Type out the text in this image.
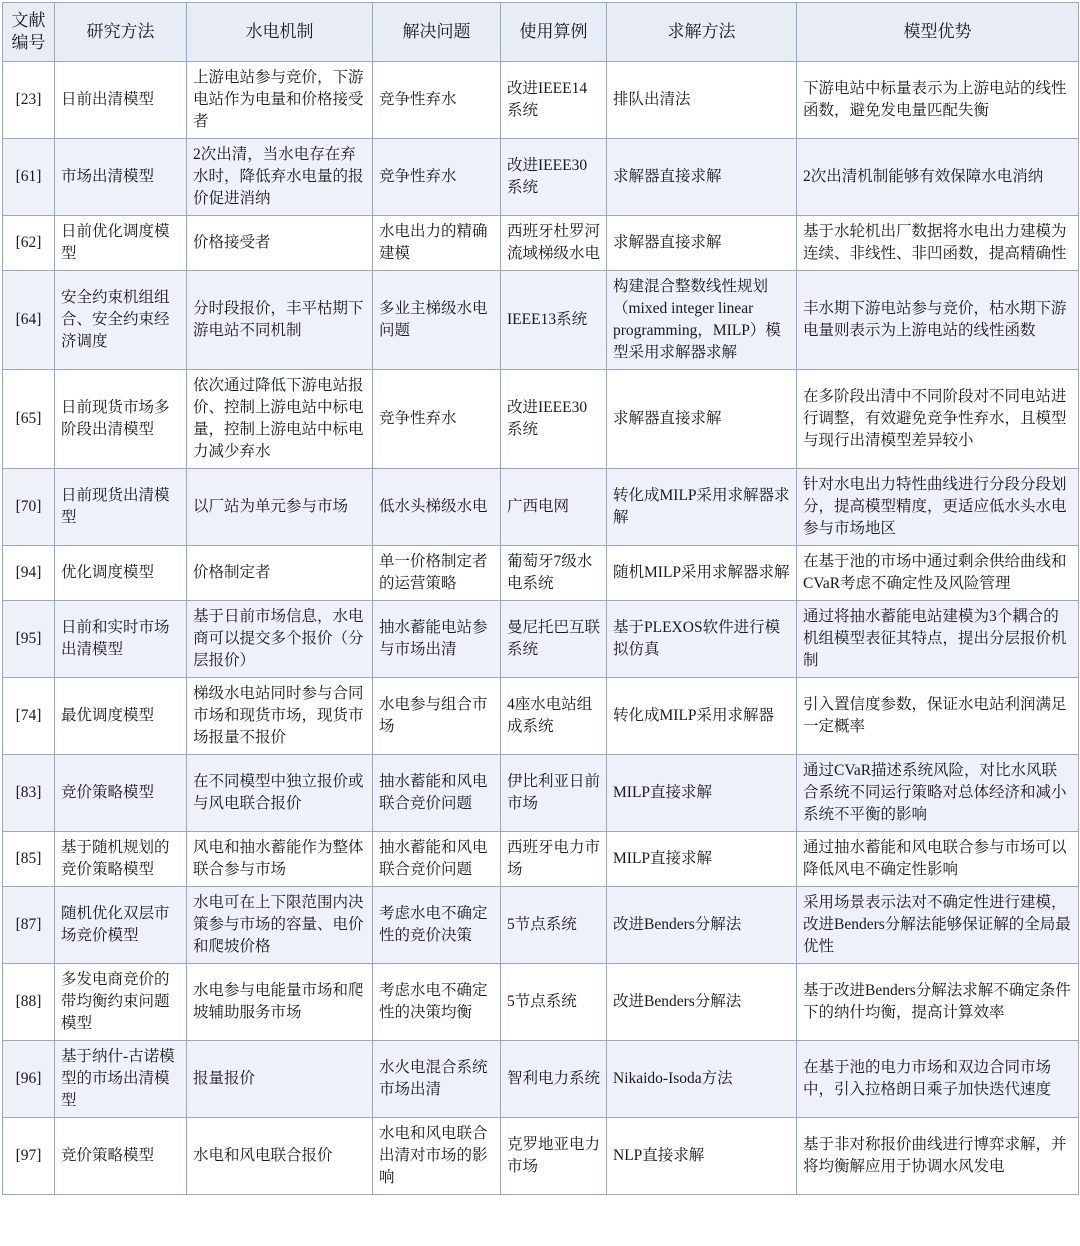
文献编号	研究方法	水电机制	解决问题	使用算例	求解方法	模型优势
[23]	日前出清模型	上游电站参与竞价，下游电站作为电量和价格接受者	竞争性弃水	改进IEEE14系统	排队出清法	下游电站中标量表示为上游电站的线性函数，避免发电量匹配失衡
[61]	市场出清模型	2次出清，当水电存在弃水时，降低弃水电量的报价促进消纳	竞争性弃水	改进IEEE30系统	求解器直接求解	2次出清机制能够有效保障水电消纳
[62]	日前优化调度模型	价格接受者	水电出力的精确建模	西班牙杜罗河流域梯级水电	求解器直接求解	基于水轮机出厂数据将水电出力建模为连续、非线性、非凹函数，提高精确性
[64]	安全约束机组组合、安全约束经济调度	分时段报价，丰平枯期下游电站不同机制	多业主梯级水电问题	IEEE13系统	构建混合整数线性规划（mixed integer linear programming，MILP）模型采用求解器求解	丰水期下游电站参与竞价，枯水期下游电量则表示为上游电站的线性函数
[65]	日前现货市场多阶段出清模型	依次通过降低下游电站报价、控制上游电站中标电量，控制上游电站中标电力减少弃水	竞争性弃水	改进IEEE30系统	求解器直接求解	在多阶段出清中不同阶段对不同电站进行调整，有效避免竞争性弃水，且模型与现行出清模型差异较小
[70]	日前现货出清模型	以厂站为单元参与市场	低水头梯级水电	广西电网	转化成MILP采用求解器求解	针对水电出力特性曲线进行分段分段划分，提高模型精度，更适应低水头水电参与市场地区
[94]	优化调度模型	价格制定者	单一价格制定者的运营策略	葡萄牙7级水电系统	随机MILP采用求解器求解	在基于池的市场中通过剩余供给曲线和CVaR考虑不确定性及风险管理
[95]	日前和实时市场出清模型	基于日前市场信息，水电商可以提交多个报价（分层报价）	抽水蓄能电站参与市场出清	曼尼托巴互联系统	基于PLEXOS软件进行模拟仿真	通过将抽水蓄能电站建模为3个耦合的机组模型表征其特点，提出分层报价机制
[74]	最优调度模型	梯级水电站同时参与合同市场和现货市场，现货市场报量不报价	水电参与组合市场	4座水电站组成系统	转化成MILP采用求解器	引入置信度参数，保证水电站利润满足一定概率
[83]	竞价策略模型	在不同模型中独立报价或与风电联合报价	抽水蓄能和风电联合竞价问题	伊比利亚日前市场	MILP直接求解	通过CVaR描述系统风险，对比水风联合系统不同运行策略对总体经济和减小系统不平衡的影响
[85]	基于随机规划的竞价策略模型	风电和抽水蓄能作为整体联合参与市场	抽水蓄能和风电联合竞价问题	西班牙电力市场	MILP直接求解	通过抽水蓄能和风电联合参与市场可以降低风电不确定性影响
[87]	随机优化双层市场竞价模型	水电可在上下限范围内决策参与市场的容量、电价和爬坡价格	考虑水电不确定性的竞价决策	5节点系统	改进Benders分解法	采用场景表示法对不确定性进行建模，改进Benders分解法能够保证解的全局最优性
[88]	多发电商竞价的带均衡约束问题模型	水电参与电能量市场和爬坡辅助服务市场	考虑水电不确定性的决策均衡	5节点系统	改进Benders分解法	基于改进Benders分解法求解不确定条件下的纳什均衡，提高计算效率
[96]	基于纳什-古诺模型的市场出清模型	报量报价	水火电混合系统市场出清	智利电力系统	Nikaido-Isoda方法	在基于池的电力市场和双边合同市场中，引入拉格朗日乘子加快迭代速度
[97]	竞价策略模型	水电和风电联合报价	水电和风电联合出清对市场的影响	克罗地亚电力市场	NLP直接求解	基于非对称报价曲线进行博弈求解，并将均衡解应用于协调水风发电
